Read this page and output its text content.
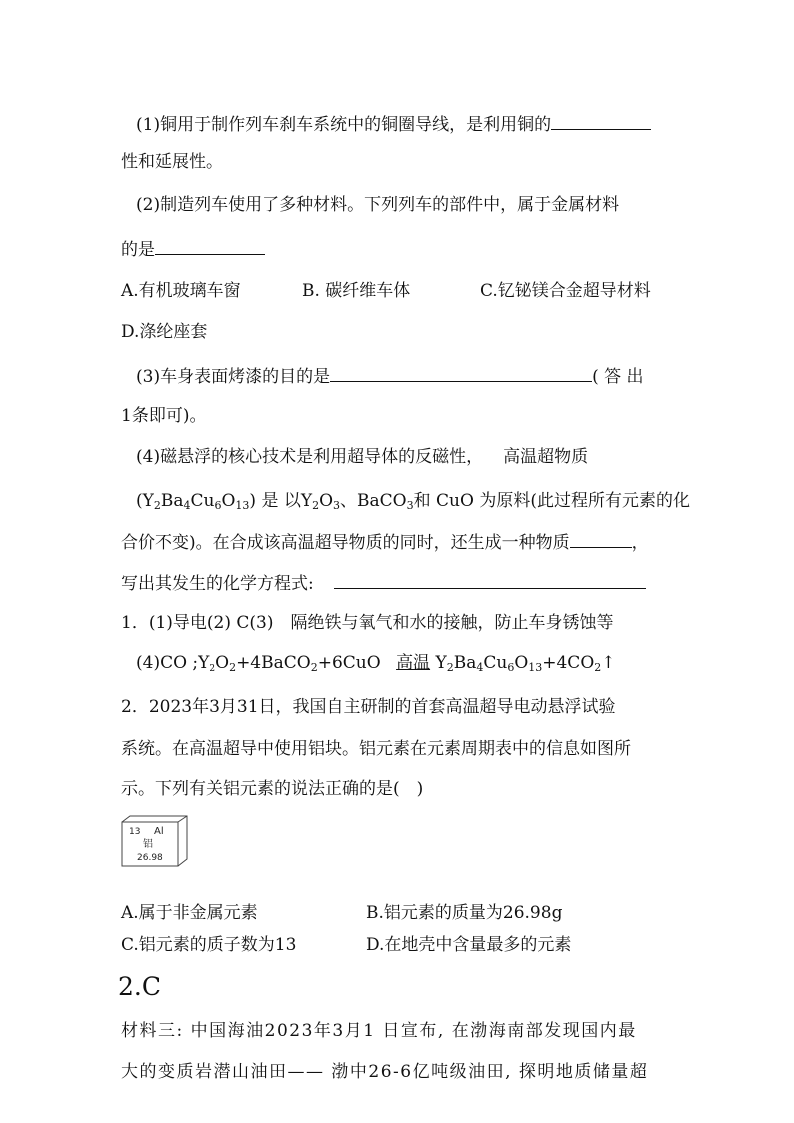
(1)铜用于制作列车刹车系统中的铜圈导线，是利用铜的
性和延展性。
(2)制造列车使用了多种材料。下列列车的部件中，属于金属材料
的是
A.有机玻璃车窗	B. 碳纤维车体	C.钇铋镁合金超导材料
D.涤纶座套
(3)车身表面烤漆的目的是	( 答 出
1条即可)。
(4)磁悬浮的核心技术是利用超导体的反磁性， 高温超物质
$(Y_2Ba_4Cu_6O_{13})$ 是 以$Y_2O_3$、BaCO$_3$和 CuO 为原料(此过程所有元素的化
合价不变)。在合成该高温超导物质的同时，还生成一种物质	，
写出其发生的化学方程式:
1．(1)导电(2) C(3)　隔绝铁与氧气和水的接触，防止车身锈蚀等
(4)CO $;Y_2O_2+4BaCO_2+6CuO$ 高温 $Y_2Ba_4Cu_6O_{13}+4CO_2↑$
2．2023年3月31日，我国自主研制的首套高温超导电动悬浮试验
系统。在高温超导中使用铝块。铝元素在元素周期表中的信息如图所
示。下列有关铝元素的说法正确的是(　)
13 Al
铝
26.98
A.属于非金属元素	B.铝元素的质量为26.98g
C.铝元素的质子数为13	D.在地壳中含量最多的元素
2.C
材料三: 中国海油2023年3月1 日宣布, 在渤海南部发现国内最
大的变质岩潜山油田—— 渤中26-6亿吨级油田, 探明地质储量超
